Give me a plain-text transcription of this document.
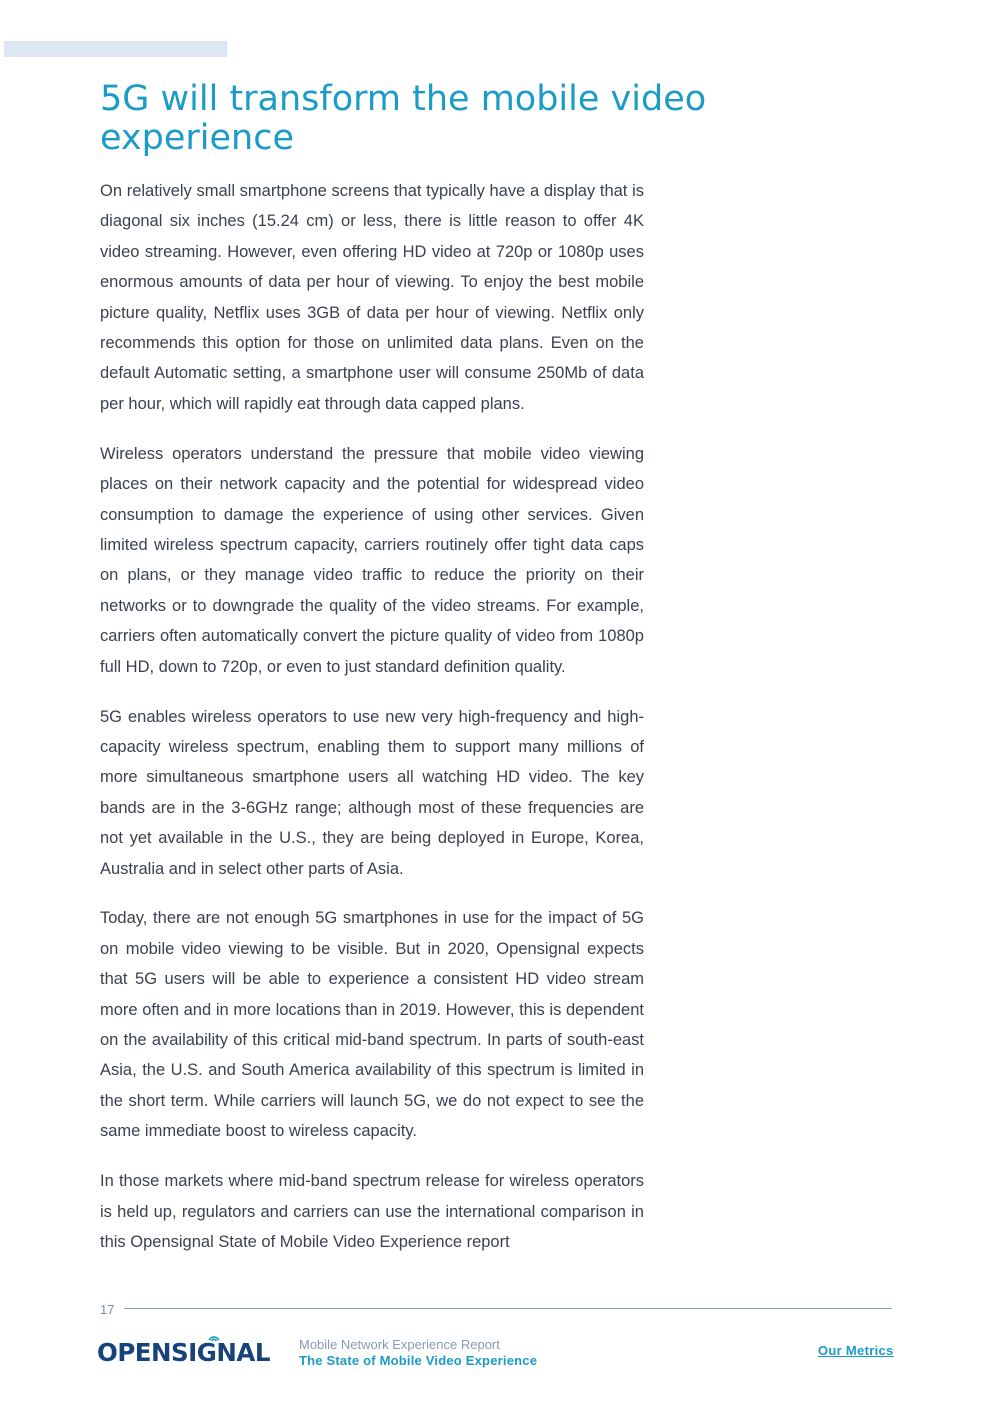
5G will transform the mobile video experience

On relatively small smartphone screens that typically have a display that is diagonal six inches (15.24 cm) or less, there is little reason to offer 4K video streaming. However, even offering HD video at 720p or 1080p uses enormous amounts of data per hour of viewing. To enjoy the best mobile picture quality, Netflix uses 3GB of data per hour of viewing. Netflix only recommends this option for those on unlimited data plans. Even on the default Automatic setting, a smartphone user will consume 250Mb of data per hour, which will rapidly eat through data capped plans.

Wireless operators understand the pressure that mobile video viewing places on their network capacity and the potential for widespread video consumption to damage the experience of using other services. Given limited wireless spectrum capacity, carriers routinely offer tight data caps on plans, or they manage video traffic to reduce the priority on their networks or to downgrade the quality of the video streams. For example, carriers often automatically convert the picture quality of video from 1080p full HD, down to 720p, or even to just standard definition quality.

5G enables wireless operators to use new very high-frequency and high-capacity wireless spectrum, enabling them to support many millions of more simultaneous smartphone users all watching HD video. The key bands are in the 3-6GHz range; although most of these frequencies are not yet available in the U.S., they are being deployed in Europe, Korea, Australia and in select other parts of Asia.

Today, there are not enough 5G smartphones in use for the impact of 5G on mobile video viewing to be visible. But in 2020, Opensignal expects that 5G users will be able to experience a consistent HD video stream more often and in more locations than in 2019. However, this is dependent on the availability of this critical mid-band spectrum. In parts of south-east Asia, the U.S. and South America availability of this spectrum is limited in the short term. While carriers will launch 5G, we do not expect to see the same immediate boost to wireless capacity.

In those markets where mid-band spectrum release for wireless operators is held up, regulators and carriers can use the international comparison in this Opensignal State of Mobile Video Experience report

17
OPENSIGNAL Mobile Network Experience Report
The State of Mobile Video Experience
Our Metrics
